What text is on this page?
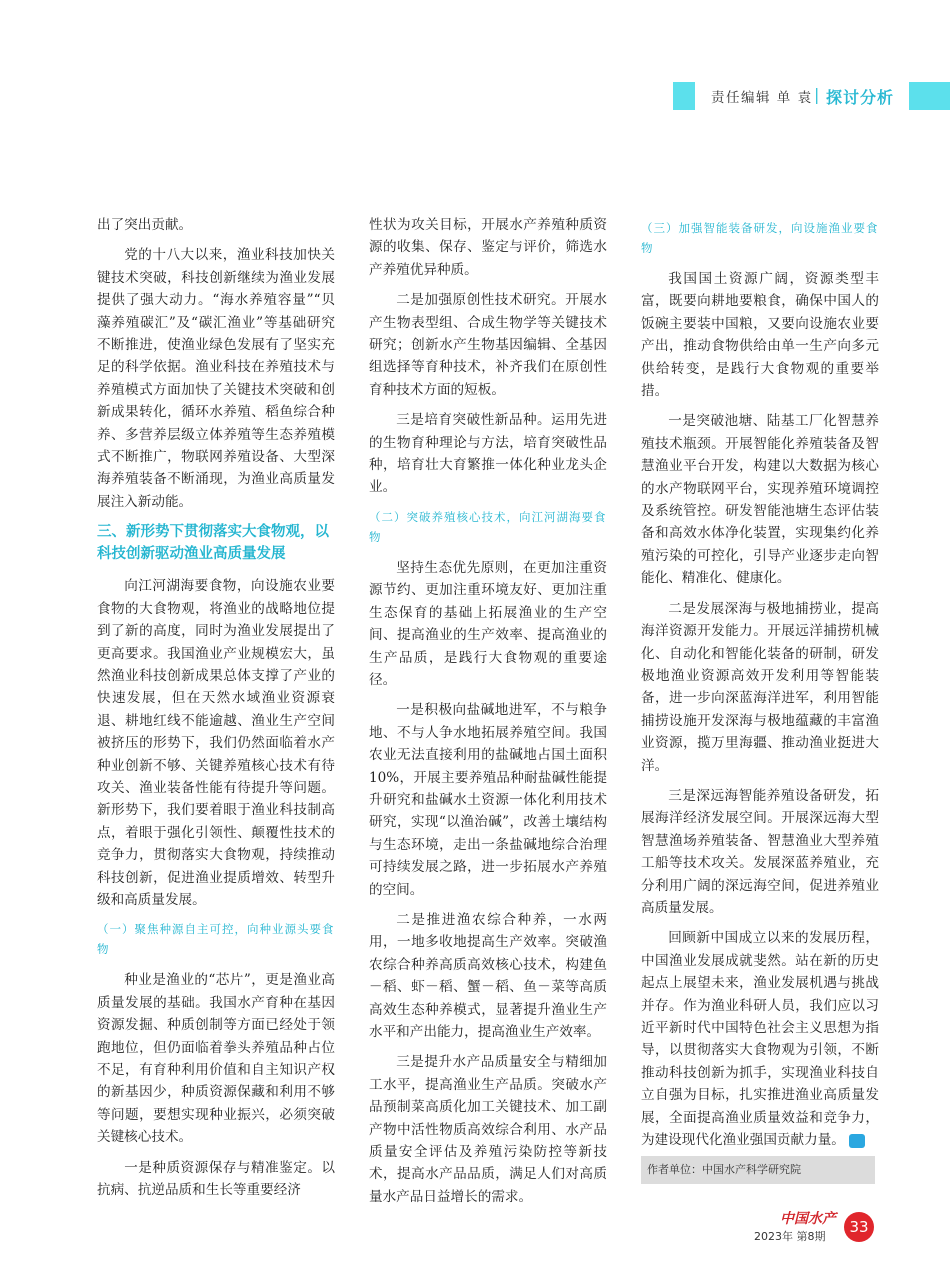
责任编辑 单 袁 | 探讨分析

出了突出贡献。

党的十八大以来，渔业科技加快关键技术突破，科技创新继续为渔业发展提供了强大动力。“海水养殖容量”“贝藻养殖碳汇”及“碳汇渔业”等基础研究不断推进，使渔业绿色发展有了坚实充足的科学依据。渔业科技在养殖技术与养殖模式方面加快了关键技术突破和创新成果转化，循环水养殖、稻鱼综合种养、多营养层级立体养殖等生态养殖模式不断推广，物联网养殖设备、大型深海养殖装备不断涌现，为渔业高质量发展注入新动能。

三、新形势下贯彻落实大食物观，以科技创新驱动渔业高质量发展

向江河湖海要食物，向设施农业要食物的大食物观，将渔业的战略地位提到了新的高度，同时为渔业发展提出了更高要求。我国渔业产业规模宏大，虽然渔业科技创新成果总体支撑了产业的快速发展，但在天然水域渔业资源衰退、耕地红线不能逾越、渔业生产空间被挤压的形势下，我们仍然面临着水产种业创新不够、关键养殖核心技术有待攻关、渔业装备性能有待提升等问题。新形势下，我们要着眼于渔业科技制高点，着眼于强化引领性、颠覆性技术的竞争力，贯彻落实大食物观，持续推动科技创新，促进渔业提质增效、转型升级和高质量发展。

（一）聚焦种源自主可控，向种业源头要食物

种业是渔业的“芯片”，更是渔业高质量发展的基础。我国水产育种在基因资源发掘、种质创制等方面已经处于领跑地位，但仍面临着拳头养殖品种占位不足，有育种利用价值和自主知识产权的新基因少，种质资源保藏和利用不够等问题，要想实现种业振兴，必须突破关键核心技术。

一是种质资源保存与精准鉴定。以抗病、抗逆品质和生长等重要经济

性状为攻关目标，开展水产养殖种质资源的收集、保存、鉴定与评价，筛选水产养殖优异种质。

二是加强原创性技术研究。开展水产生物表型组、合成生物学等关键技术研究；创新水产生物基因编辑、全基因组选择等育种技术，补齐我们在原创性育种技术方面的短板。

三是培育突破性新品种。运用先进的生物育种理论与方法，培育突破性品种，培育壮大育繁推一体化种业龙头企业。

（二）突破养殖核心技术，向江河湖海要食物

坚持生态优先原则，在更加注重资源节约、更加注重环境友好、更加注重生态保育的基础上拓展渔业的生产空间、提高渔业的生产效率、提高渔业的生产品质，是践行大食物观的重要途径。

一是积极向盐碱地进军，不与粮争地、不与人争水地拓展养殖空间。我国农业无法直接利用的盐碱地占国土面积10%，开展主要养殖品种耐盐碱性能提升研究和盐碱水土资源一体化利用技术研究，实现“以渔治碱”，改善土壤结构与生态环境，走出一条盐碱地综合治理可持续发展之路，进一步拓展水产养殖的空间。

二是推进渔农综合种养，一水两用，一地多收地提高生产效率。突破渔农综合种养高质高效核心技术，构建鱼－稻、虾－稻、蟹－稻、鱼－菜等高质高效生态种养模式，显著提升渔业生产水平和产出能力，提高渔业生产效率。

三是提升水产品质量安全与精细加工水平，提高渔业生产品质。突破水产品预制菜高质化加工关键技术、加工副产物中活性物质高效综合利用、水产品质量安全评估及养殖污染防控等新技术，提高水产品品质，满足人们对高质量水产品日益增长的需求。

（三）加强智能装备研发，向设施渔业要食物

我国国土资源广阔，资源类型丰富，既要向耕地要粮食，确保中国人的饭碗主要装中国粮，又要向设施农业要产出，推动食物供给由单一生产向多元供给转变，是践行大食物观的重要举措。

一是突破池塘、陆基工厂化智慧养殖技术瓶颈。开展智能化养殖装备及智慧渔业平台开发，构建以大数据为核心的水产物联网平台，实现养殖环境调控及系统管控。研发智能池塘生态评估装备和高效水体净化装置，实现集约化养殖污染的可控化，引导产业逐步走向智能化、精准化、健康化。

二是发展深海与极地捕捞业，提高海洋资源开发能力。开展远洋捕捞机械化、自动化和智能化装备的研制，研发极地渔业资源高效开发利用等智能装备，进一步向深蓝海洋进军，利用智能捕捞设施开发深海与极地蕴藏的丰富渔业资源，揽万里海疆、推动渔业挺进大洋。

三是深远海智能养殖设备研发，拓展海洋经济发展空间。开展深远海大型智慧渔场养殖装备、智慧渔业大型养殖工船等技术攻关。发展深蓝养殖业，充分利用广阔的深远海空间，促进养殖业高质量发展。

回顾新中国成立以来的发展历程，中国渔业发展成就斐然。站在新的历史起点上展望未来，渔业发展机遇与挑战并存。作为渔业科研人员，我们应以习近平新时代中国特色社会主义思想为指导，以贯彻落实大食物观为引领，不断推动科技创新为抓手，实现渔业科技自立自强为目标，扎实推进渔业高质量发展，全面提高渔业质量效益和竞争力，为建设现代化渔业强国贡献力量。	✓

作者单位：中国水产科学研究院
中国水产
2023年 第8期
33
